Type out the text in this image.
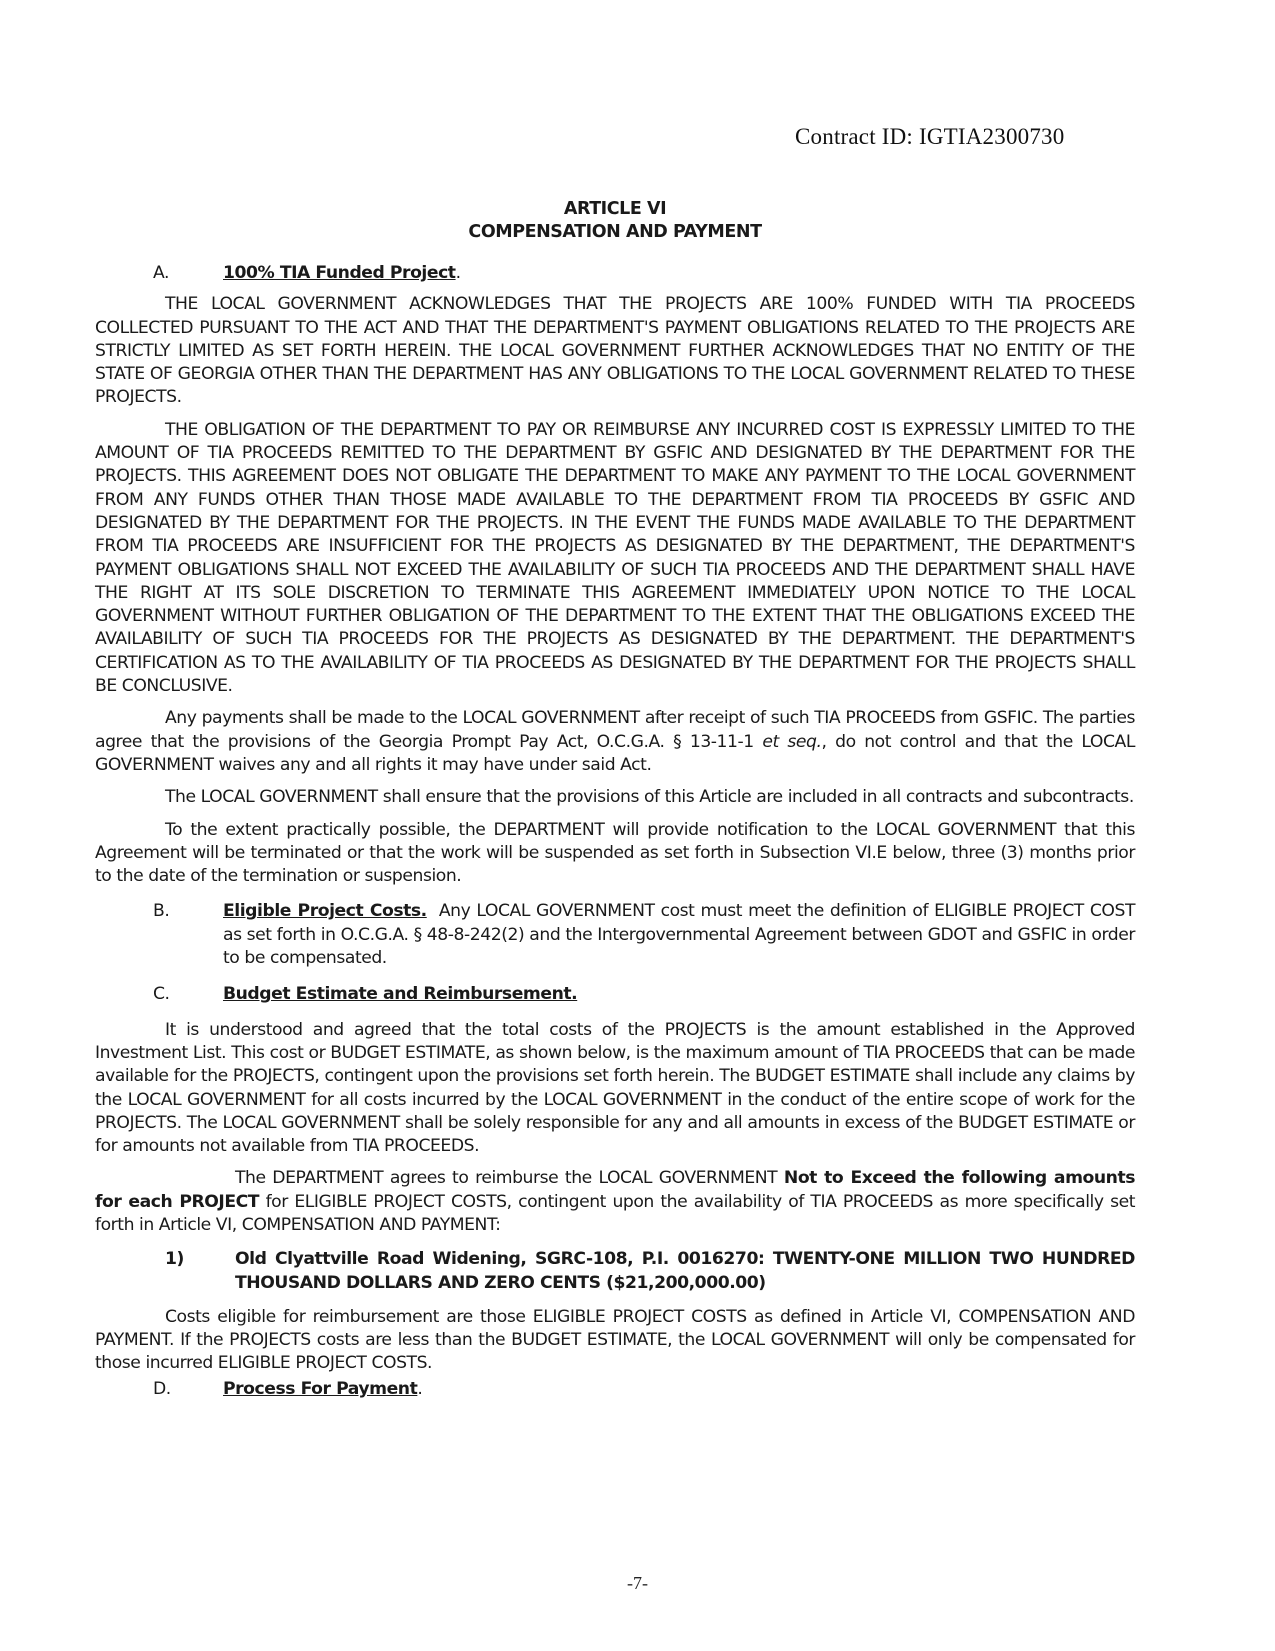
Contract ID: IGTIA2300730
ARTICLE VI
COMPENSATION AND PAYMENT
A.	100% TIA Funded Project.

THE LOCAL GOVERNMENT ACKNOWLEDGES THAT THE PROJECTS ARE 100% FUNDED WITH TIA PROCEEDS COLLECTED PURSUANT TO THE ACT AND THAT THE DEPARTMENT'S PAYMENT OBLIGATIONS RELATED TO THE PROJECTS ARE STRICTLY LIMITED AS SET FORTH HEREIN. THE LOCAL GOVERNMENT FURTHER ACKNOWLEDGES THAT NO ENTITY OF THE STATE OF GEORGIA OTHER THAN THE DEPARTMENT HAS ANY OBLIGATIONS TO THE LOCAL GOVERNMENT RELATED TO THESE PROJECTS.

THE OBLIGATION OF THE DEPARTMENT TO PAY OR REIMBURSE ANY INCURRED COST IS EXPRESSLY LIMITED TO THE AMOUNT OF TIA PROCEEDS REMITTED TO THE DEPARTMENT BY GSFIC AND DESIGNATED BY THE DEPARTMENT FOR THE PROJECTS. THIS AGREEMENT DOES NOT OBLIGATE THE DEPARTMENT TO MAKE ANY PAYMENT TO THE LOCAL GOVERNMENT FROM ANY FUNDS OTHER THAN THOSE MADE AVAILABLE TO THE DEPARTMENT FROM TIA PROCEEDS BY GSFIC AND DESIGNATED BY THE DEPARTMENT FOR THE PROJECTS. IN THE EVENT THE FUNDS MADE AVAILABLE TO THE DEPARTMENT FROM TIA PROCEEDS ARE INSUFFICIENT FOR THE PROJECTS AS DESIGNATED BY THE DEPARTMENT, THE DEPARTMENT'S PAYMENT OBLIGATIONS SHALL NOT EXCEED THE AVAILABILITY OF SUCH TIA PROCEEDS AND THE DEPARTMENT SHALL HAVE THE RIGHT AT ITS SOLE DISCRETION TO TERMINATE THIS AGREEMENT IMMEDIATELY UPON NOTICE TO THE LOCAL GOVERNMENT WITHOUT FURTHER OBLIGATION OF THE DEPARTMENT TO THE EXTENT THAT THE OBLIGATIONS EXCEED THE AVAILABILITY OF SUCH TIA PROCEEDS FOR THE PROJECTS AS DESIGNATED BY THE DEPARTMENT. THE DEPARTMENT'S CERTIFICATION AS TO THE AVAILABILITY OF TIA PROCEEDS AS DESIGNATED BY THE DEPARTMENT FOR THE PROJECTS SHALL BE CONCLUSIVE.

Any payments shall be made to the LOCAL GOVERNMENT after receipt of such TIA PROCEEDS from GSFIC. The parties agree that the provisions of the Georgia Prompt Pay Act, O.C.G.A. § 13-11-1 et seq., do not control and that the LOCAL GOVERNMENT waives any and all rights it may have under said Act.

The LOCAL GOVERNMENT shall ensure that the provisions of this Article are included in all contracts and subcontracts.

To the extent practically possible, the DEPARTMENT will provide notification to the LOCAL GOVERNMENT that this Agreement will be terminated or that the work will be suspended as set forth in Subsection VI.E below, three (3) months prior to the date of the termination or suspension.

B.	Eligible Project Costs. Any LOCAL GOVERNMENT cost must meet the definition of ELIGIBLE PROJECT COST as set forth in O.C.G.A. § 48-8-242(2) and the Intergovernmental Agreement between GDOT and GSFIC in order to be compensated.
C.	Budget Estimate and Reimbursement.

It is understood and agreed that the total costs of the PROJECTS is the amount established in the Approved Investment List. This cost or BUDGET ESTIMATE, as shown below, is the maximum amount of TIA PROCEEDS that can be made available for the PROJECTS, contingent upon the provisions set forth herein. The BUDGET ESTIMATE shall include any claims by the LOCAL GOVERNMENT for all costs incurred by the LOCAL GOVERNMENT in the conduct of the entire scope of work for the PROJECTS. The LOCAL GOVERNMENT shall be solely responsible for any and all amounts in excess of the BUDGET ESTIMATE or for amounts not available from TIA PROCEEDS.

The DEPARTMENT agrees to reimburse the LOCAL GOVERNMENT Not to Exceed the following amounts for each PROJECT for ELIGIBLE PROJECT COSTS, contingent upon the availability of TIA PROCEEDS as more specifically set forth in Article VI, COMPENSATION AND PAYMENT:

1)	Old Clyattville Road Widening, SGRC-108, P.I. 0016270: TWENTY-ONE MILLION TWO HUNDRED THOUSAND DOLLARS AND ZERO CENTS ($21,200,000.00)

Costs eligible for reimbursement are those ELIGIBLE PROJECT COSTS as defined in Article VI, COMPENSATION AND PAYMENT. If the PROJECTS costs are less than the BUDGET ESTIMATE, the LOCAL GOVERNMENT will only be compensated for those incurred ELIGIBLE PROJECT COSTS.

D.	Process For Payment.
-7-
